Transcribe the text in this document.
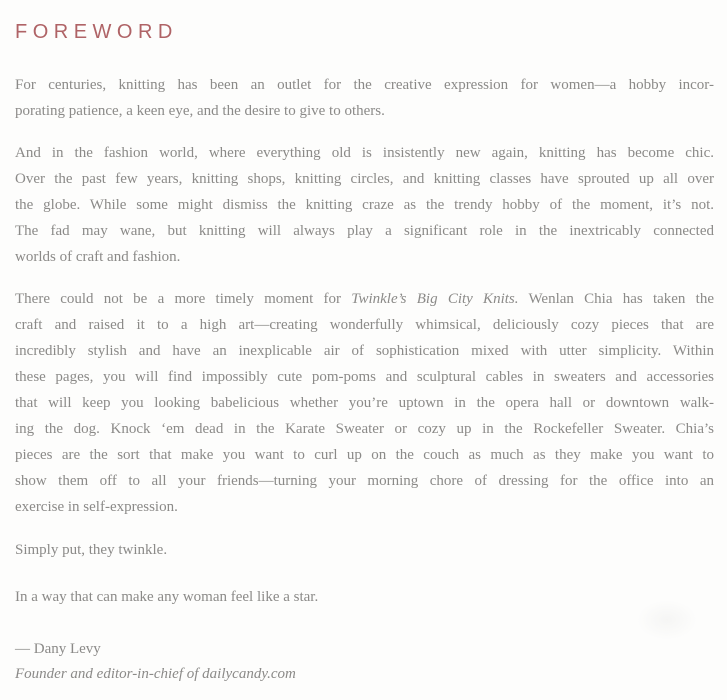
FOREWORD
For centuries, knitting has been an outlet for the creative expression for women—a hobby incor-
porating patience, a keen eye, and the desire to give to others.
And in the fashion world, where everything old is insistently new again, knitting has become chic.
Over the past few years, knitting shops, knitting circles, and knitting classes have sprouted up all over
the globe. While some might dismiss the knitting craze as the trendy hobby of the moment, it’s not.
The fad may wane, but knitting will always play a significant role in the inextricably connected
worlds of craft and fashion.
There could not be a more timely moment for Twinkle’s Big City Knits. Wenlan Chia has taken the
craft and raised it to a high art—creating wonderfully whimsical, deliciously cozy pieces that are
incredibly stylish and have an inexplicable air of sophistication mixed with utter simplicity. Within
these pages, you will find impossibly cute pom-poms and sculptural cables in sweaters and accessories
that will keep you looking babelicious whether you’re uptown in the opera hall or downtown walk-
ing the dog. Knock ‘em dead in the Karate Sweater or cozy up in the Rockefeller Sweater. Chia’s
pieces are the sort that make you want to curl up on the couch as much as they make you want to
show them off to all your friends—turning your morning chore of dressing for the office into an
exercise in self-expression.
Simply put, they twinkle.
In a way that can make any woman feel like a star.
— Dany Levy
Founder and editor-in-chief of dailycandy.com
